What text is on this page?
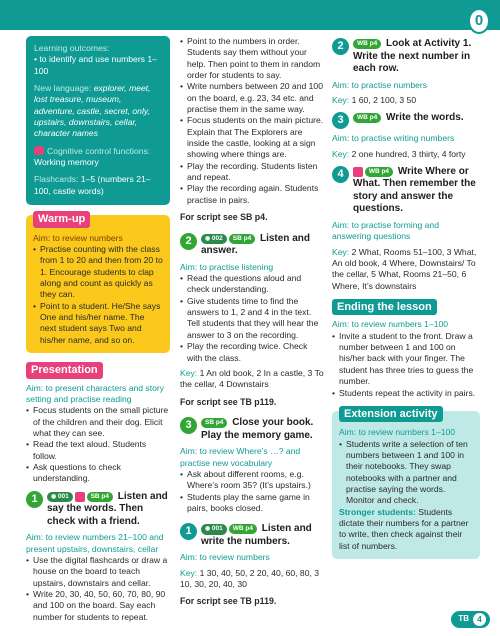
0

Learning outcomes:
• to identify and use numbers 1–100

New language: explorer, meet, lost treasure, museum, adventure, castle, secret, only, upstairs, downstairs, cellar, character names

Cognitive control functions:
Working memory

Flashcards: 1–5 (numbers 21–100, castle words)

Warm-up
Aim: to review numbers
• Practise counting with the class from 1 to 20 and then from 20 to 1. Encourage students to clap along and count as quickly as they can.
• Point to a student. He/She says One and his/her name. The next student says Two and his/her name, and so on.
Presentation
Aim: to present characters and story setting and practise reading
• Focus students on the small picture of the children and their dog. Elicit what they can see.
• Read the text aloud. Students follow.
• Ask questions to check understanding.
1	◉ 001	SB p4 Listen and say the words. Then check with a friend.
Aim: to review numbers 21–100 and present upstairs, downstairs, cellar
• Use the digital flashcards or draw a house on the board to teach upstairs, downstairs and cellar.
• Write 20, 30, 40, 50, 60, 70, 80, 90 and 100 on the board. Say each number for students to repeat.
• Point to the numbers in order. Students say them without your help. Then point to them in random order for students to say.
• Write numbers between 20 and 100 on the board, e.g. 23, 34 etc. and practise them in the same way.
• Focus students on the main picture. Explain that The Explorers are inside the castle, looking at a sign showing where things are.
• Play the recording. Students listen and repeat.
• Play the recording again. Students practise in pairs.
For script see SB p4.
2	◉ 002 SB p4 Listen and answer.
Aim: to practise listening
• Read the questions aloud and check understanding.
• Give students time to find the answers to 1, 2 and 4 in the text. Tell students that they will hear the answer to 3 on the recording.
• Play the recording twice. Check with the class.
Key: 1 An old book, 2 In a castle, 3 To the cellar, 4 Downstairs
For script see TB p119.
3	SB p4 Close your book. Play the memory game.
Aim: to review Where’s …? and practise new vocabulary
• Ask about different rooms, e.g. Where’s room 35? (It’s upstairs.)
• Students play the same game in pairs, books closed.
1	◉ 001 WB p4 Listen and write the numbers.
Aim: to review numbers
Key: 1 30, 40, 50, 2 20, 40, 60, 80, 3 10, 30, 20, 40, 30
For script see TB p119.
2	WB p4 Look at Activity 1. Write the next number in each row.
Aim: to practise numbers
Key: 1 60, 2 100, 3 50
3	WB p4 Write the words.
Aim: to practise writing numbers
Key: 2 one hundred, 3 thirty, 4 forty
4	WB p4 Write Where or What. Then remember the story and answer the questions.
Aim: to practise forming and answering questions
Key: 2 What, Rooms 51–100, 3 What, An old book, 4 Where, Downstairs/ To the cellar, 5 What, Rooms 21–50, 6 Where, It’s downstairs
Ending the lesson
Aim: to review numbers 1–100
• Invite a student to the front. Draw a number between 1 and 100 on his/her back with your finger. The student has three tries to guess the number.
• Students repeat the activity in pairs.
Extension activity
Aim: to review numbers 1–100
• Students write a selection of ten numbers between 1 and 100 in their notebooks. They swap notebooks with a partner and practise saying the words. Monitor and check.
Stronger students: Students dictate their numbers for a partner to write, then check against their list of numbers.
TB 4
